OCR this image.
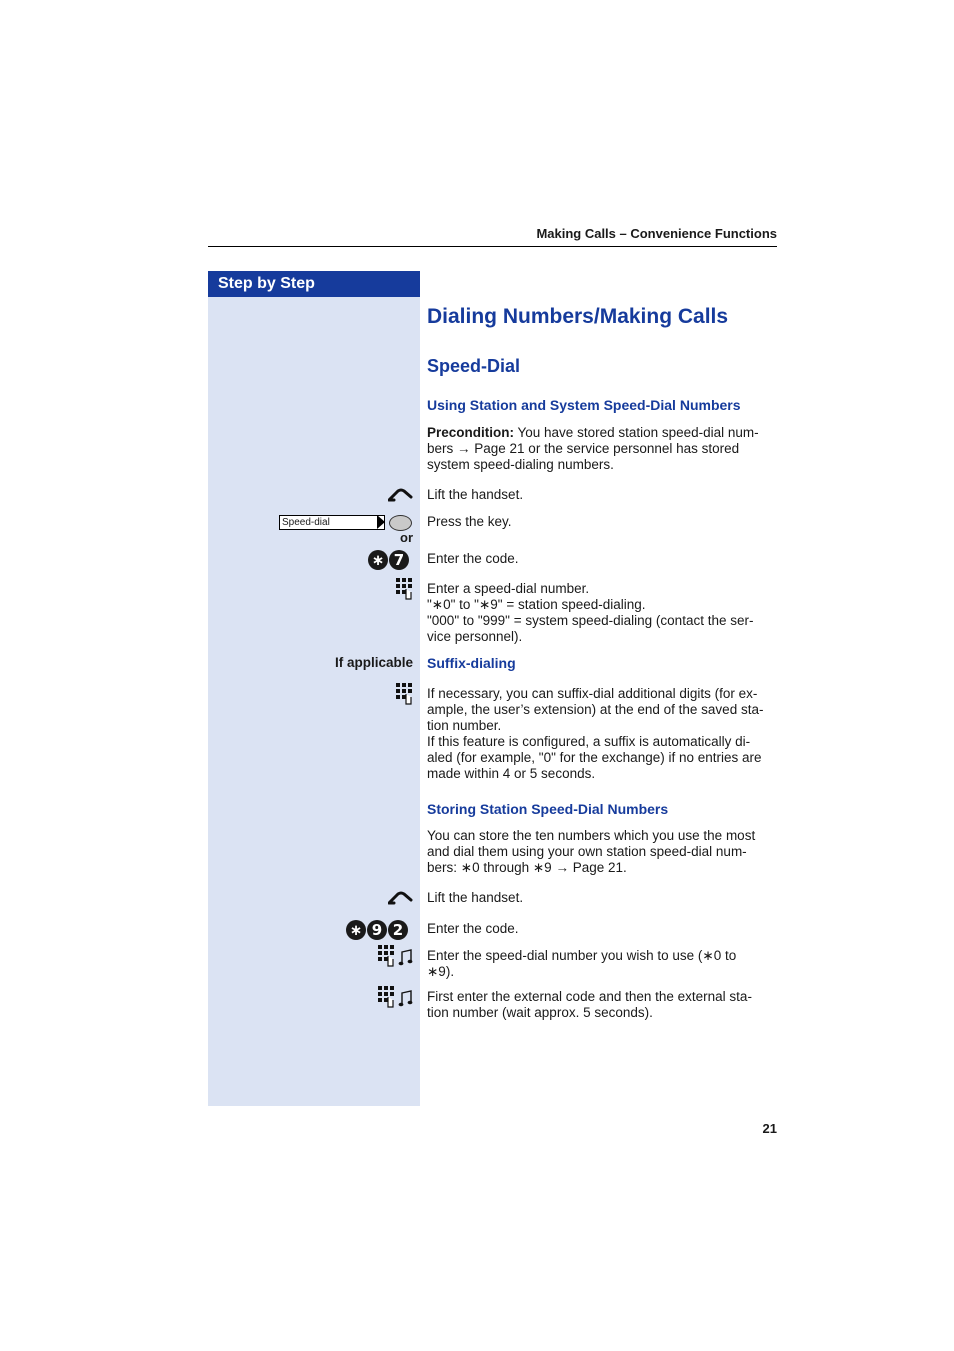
Making Calls – Convenience Functions
Step by Step
Dialing Numbers/Making Calls
Speed-Dial
Using Station and System Speed-Dial Numbers
Precondition: You have stored station speed-dial num-
bers → Page 21 or the service personnel has stored
system speed-dialing numbers.
Lift the handset.
Speed-dial	Press the key.
or
∗ 7	Enter the code.
Enter a speed-dial number.
"∗0" to "∗9" = station speed-dialing.
"000" to "999" = system speed-dialing (contact the ser-
vice personnel).
If applicable Suffix-dialing
If necessary, you can suffix-dial additional digits (for ex-
ample, the user’s extension) at the end of the saved sta-
tion number.
If this feature is configured, a suffix is automatically di-
aled (for example, "0" for the exchange) if no entries are
made within 4 or 5 seconds.
Storing Station Speed-Dial Numbers
You can store the ten numbers which you use the most
and dial them using your own station speed-dial num-
bers: ∗0 through ∗9 → Page 21.
Lift the handset.
∗ 9 2	Enter the code.
Enter the speed-dial number you wish to use (∗0 to
∗9).
First enter the external code and then the external sta-
tion number (wait approx. 5 seconds).
21
